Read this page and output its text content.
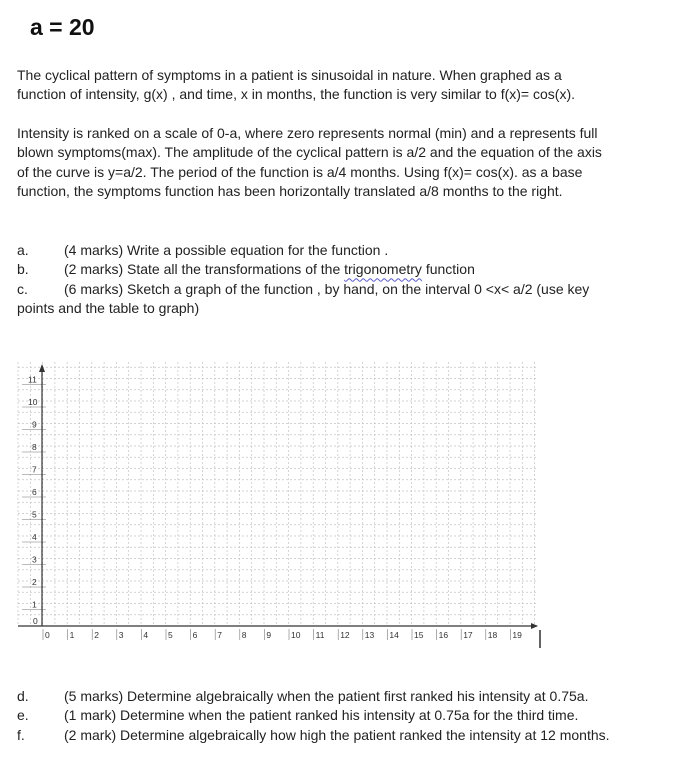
a = 20
The cyclical pattern of symptoms in a patient is sinusoidal in nature. When graphed as a
function of intensity, g(x) , and time, x in months, the function is very similar to f(x)= cos(x).
Intensity is ranked on a scale of 0-a, where zero represents normal (min) and a represents full
blown symptoms(max). The amplitude of the cyclical pattern is a/2 and the equation of the axis
of the curve is y=a/2. The period of the function is a/4 months. Using f(x)= cos(x). as a base
function, the symptoms function has been horizontally translated a/8 months to the right.
a.	(4 marks) Write a possible equation for the function .
b.	(2 marks) State all the transformations of the trigonometry function
c.	(6 marks) Sketch a graph of the function , by hand, on the interval 0 <x< a/2 (use key
points and the table to graph)
0 1 2 3 4 5 6 7 8 9 10 11 12 13 14 15 16 17 18 19
0
1
2
3
4
5
6
7
8
9
10
11
d.	(5 marks) Determine algebraically when the patient first ranked his intensity at 0.75a.
e.	(1 mark) Determine when the patient ranked his intensity at 0.75a for the third time.
f.	(2 mark) Determine algebraically how high the patient ranked the intensity at 12 months.
